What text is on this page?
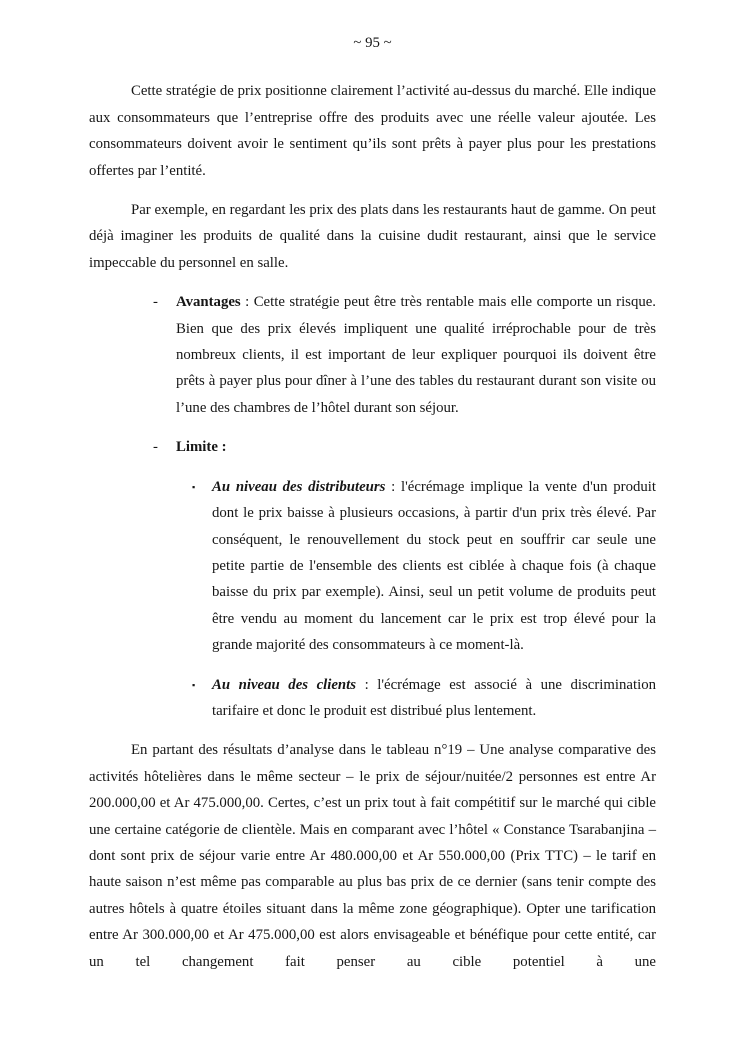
~ 95 ~

Cette stratégie de prix positionne clairement l’activité au-dessus du marché. Elle indique aux consommateurs que l’entreprise offre des produits avec une réelle valeur ajoutée. Les consommateurs doivent avoir le sentiment qu’ils sont prêts à payer plus pour les prestations offertes par l’entité.

Par exemple, en regardant les prix des plats dans les restaurants haut de gamme. On peut déjà imaginer les produits de qualité dans la cuisine dudit restaurant, ainsi que le service impeccable du personnel en salle.

- Avantages : Cette stratégie peut être très rentable mais elle comporte un risque. Bien que des prix élevés impliquent une qualité irréprochable pour de très nombreux clients, il est important de leur expliquer pourquoi ils doivent être prêts à payer plus pour dîner à l’une des tables du restaurant durant son visite ou l’une des chambres de l’hôtel durant son séjour.

- Limite :

▪ Au niveau des distributeurs : l'écrémage implique la vente d'un produit dont le prix baisse à plusieurs occasions, à partir d'un prix très élevé. Par conséquent, le renouvellement du stock peut en souffrir car seule une petite partie de l'ensemble des clients est ciblée à chaque fois (à chaque baisse du prix par exemple). Ainsi, seul un petit volume de produits peut être vendu au moment du lancement car le prix est trop élevé pour la grande majorité des consommateurs à ce moment-là.

▪ Au niveau des clients : l'écrémage est associé à une discrimination tarifaire et donc le produit est distribué plus lentement.

En partant des résultats d’analyse dans le tableau n°19 – Une analyse comparative des activités hôtelières dans le même secteur – le prix de séjour/nuitée/2 personnes est entre Ar 200.000,00 et Ar 475.000,00. Certes, c’est un prix tout à fait compétitif sur le marché qui cible une certaine catégorie de clientèle. Mais en comparant avec l’hôtel « Constance Tsarabanjina – dont sont prix de séjour varie entre Ar 480.000,00 et Ar 550.000,00 (Prix TTC) – le tarif en haute saison n’est même pas comparable au plus bas prix de ce dernier (sans tenir compte des autres hôtels à quatre étoiles situant dans la même zone géographique). Opter une tarification entre Ar 300.000,00 et Ar 475.000,00 est alors envisageable et bénéfique pour cette entité, car un tel changement fait penser au cible potentiel à une
